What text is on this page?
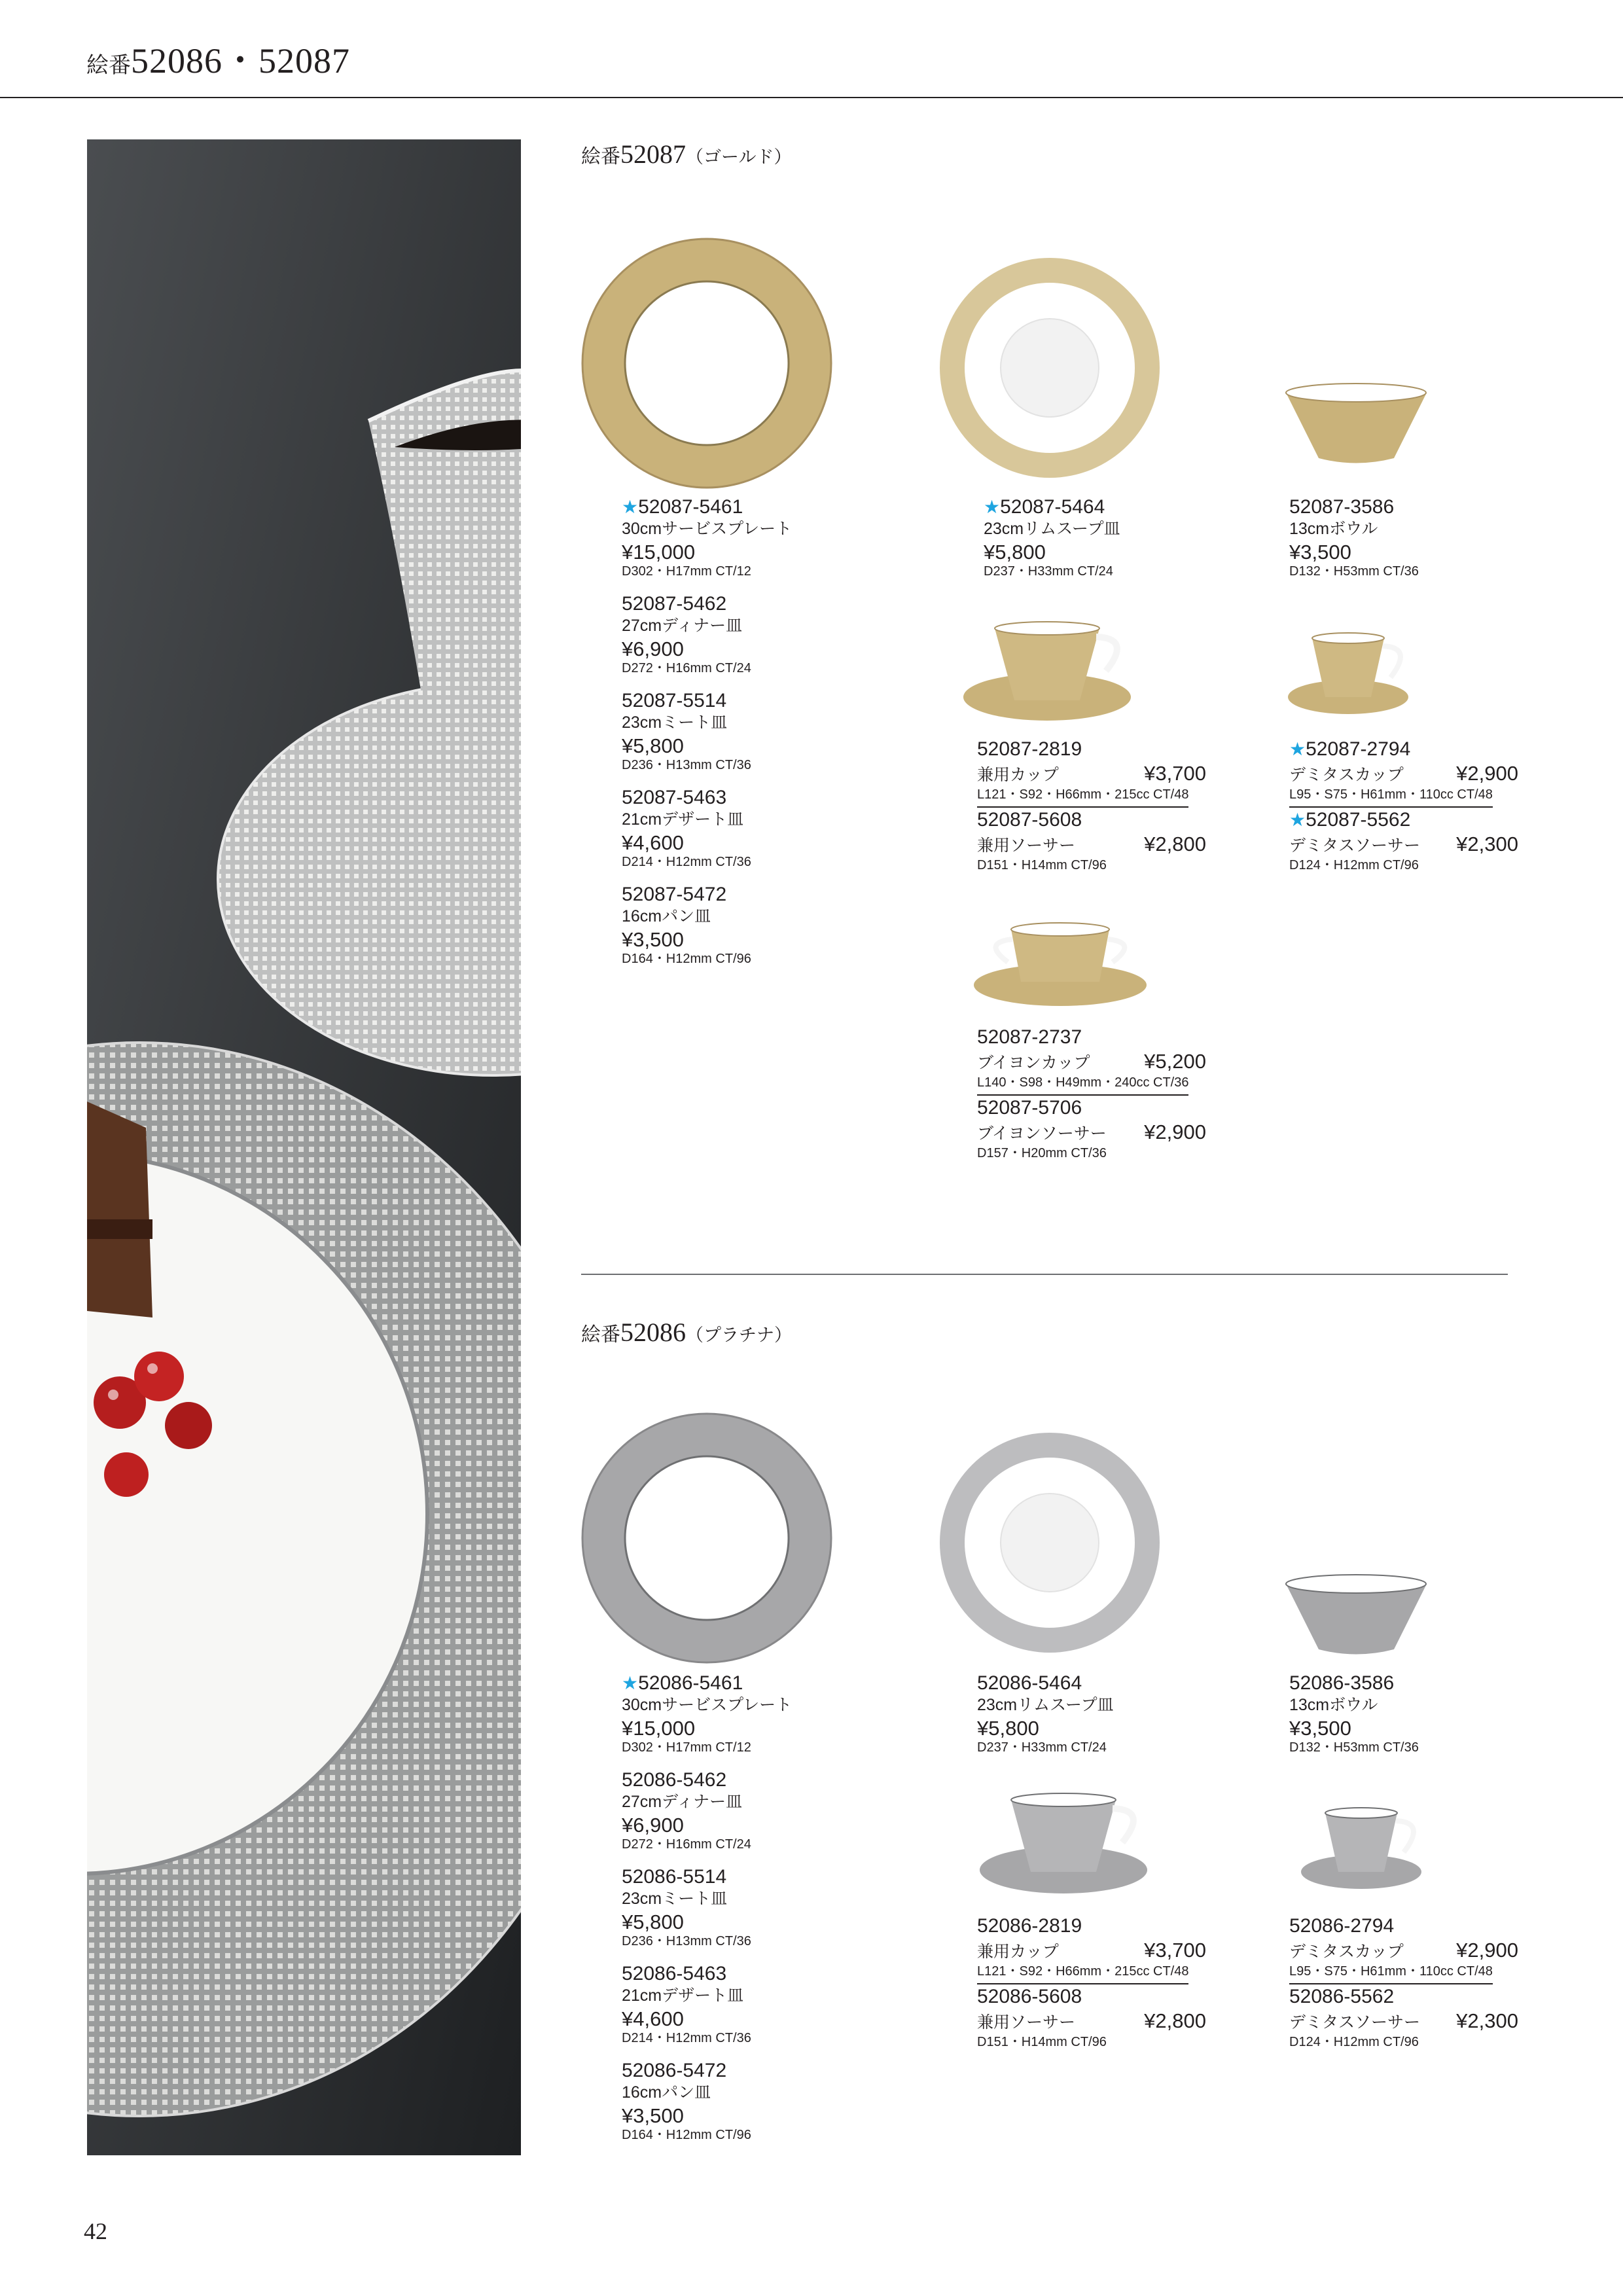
絵番52086・52087
絵番52087（ゴールド）
★52087-5461
30cmサービスプレート
¥15,000
D302・H17mm CT/12
52087-5462
27cmディナー皿
¥6,900
D272・H16mm CT/24
52087-5514
23cmミート皿
¥5,800
D236・H13mm CT/36
52087-5463
21cmデザート皿
¥4,600
D214・H12mm CT/36
52087-5472
16cmパン皿
¥3,500
D164・H12mm CT/96
★52087-5464
23cmリムスープ皿
¥5,800
D237・H33mm CT/24
52087-2819
兼用カップ	¥3,700
L121・S92・H66mm・215cc CT/48
52087-5608
兼用ソーサー	¥2,800
D151・H14mm CT/96
52087-2737
ブイヨンカップ	¥5,200
L140・S98・H49mm・240cc CT/36
52087-5706
ブイヨンソーサー ¥2,900
D157・H20mm CT/36
52087-3586
13cmボウル
¥3,500
D132・H53mm CT/36
★52087-2794
デミタスカップ	¥2,900
L95・S75・H61mm・110cc CT/48
★52087-5562
デミタスソーサー ¥2,300
D124・H12mm CT/96
絵番52086（プラチナ）
★52086-5461
30cmサービスプレート
¥15,000
D302・H17mm CT/12
52086-5462
27cmディナー皿
¥6,900
D272・H16mm CT/24
52086-5514
23cmミート皿
¥5,800
D236・H13mm CT/36
52086-5463
21cmデザート皿
¥4,600
D214・H12mm CT/36
52086-5472
16cmパン皿
¥3,500
D164・H12mm CT/96
52086-5464
23cmリムスープ皿
¥5,800
D237・H33mm CT/24
52086-2819
兼用カップ	¥3,700
L121・S92・H66mm・215cc CT/48
52086-5608
兼用ソーサー	¥2,800
D151・H14mm CT/96
52086-3586
13cmボウル
¥3,500
D132・H53mm CT/36
52086-2794
デミタスカップ	¥2,900
L95・S75・H61mm・110cc CT/48
52086-5562
デミタスソーサー ¥2,300
D124・H12mm CT/96
42
